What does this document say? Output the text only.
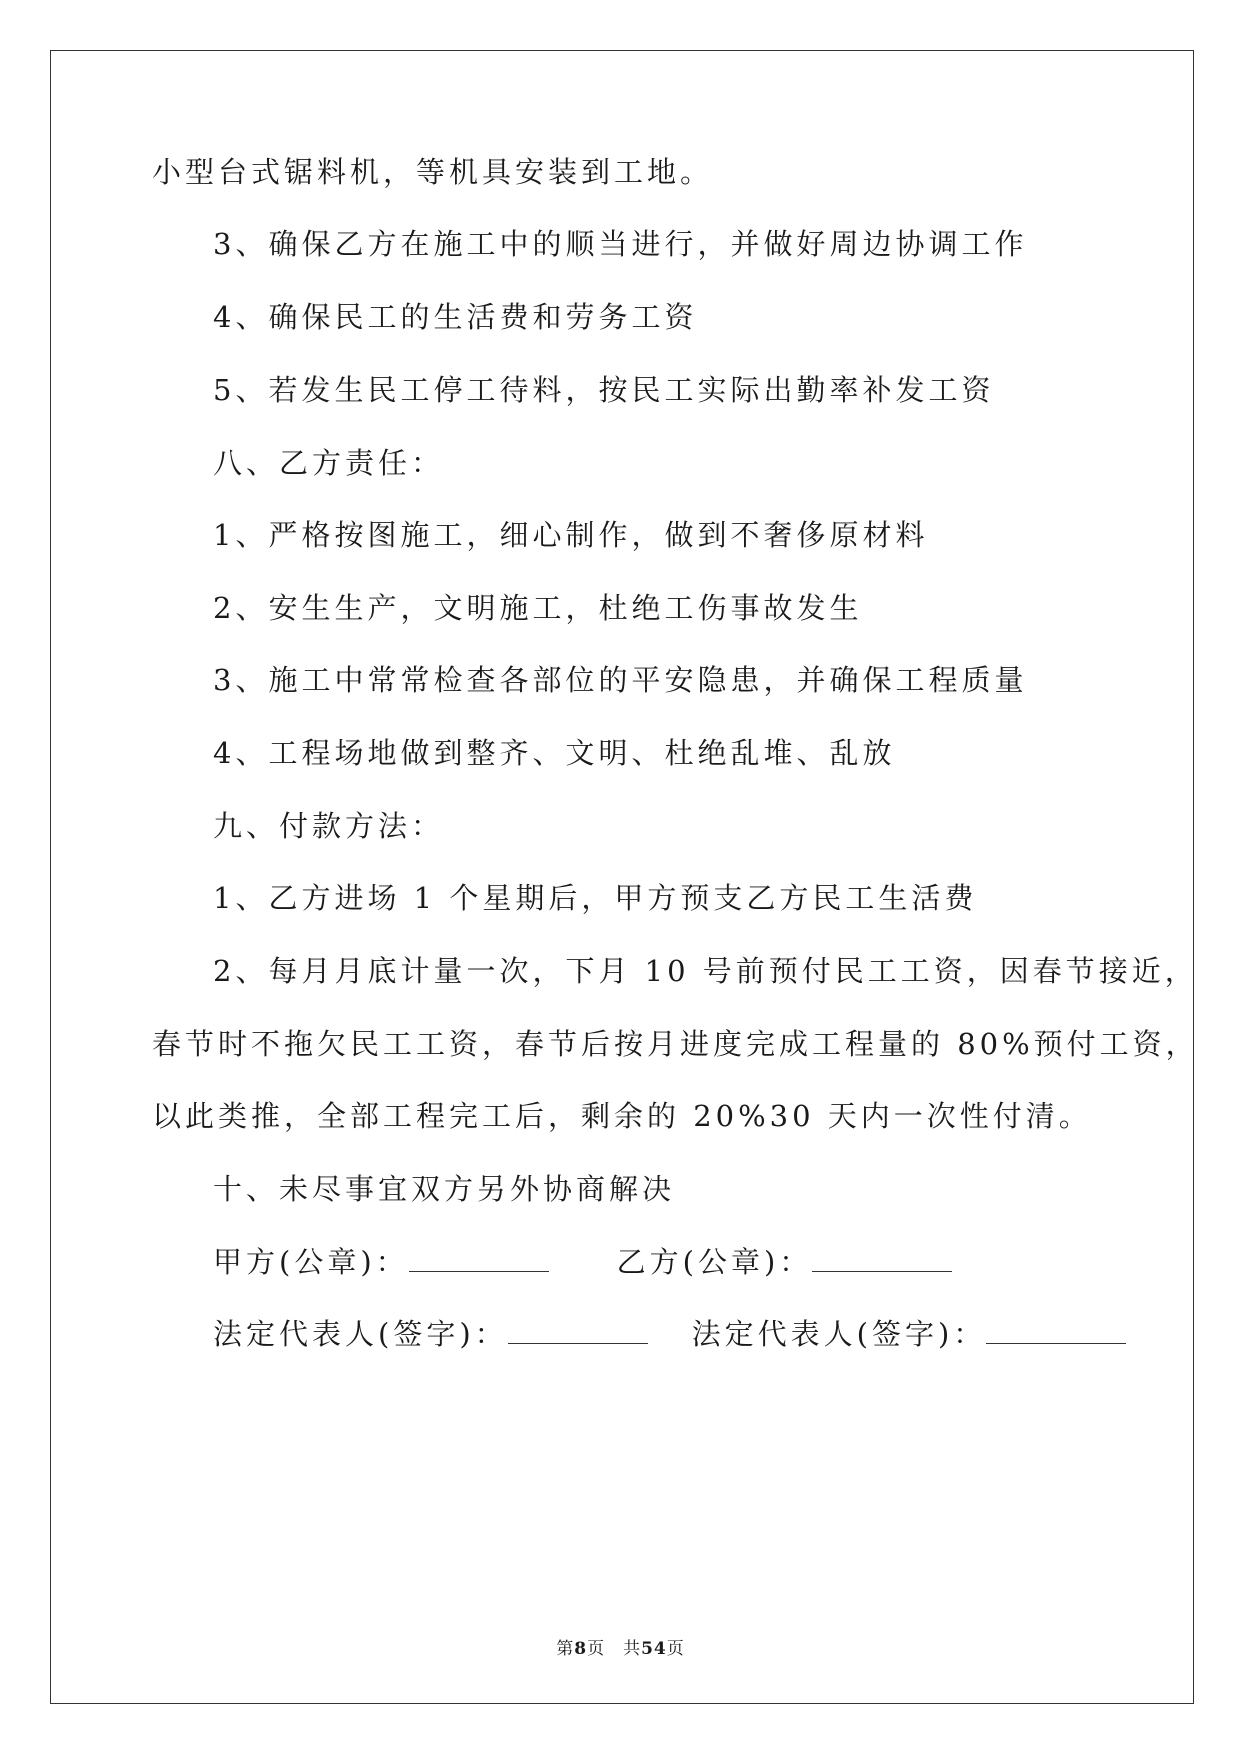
小型台式锯料机，等机具安装到工地。
3、确保乙方在施工中的顺当进行，并做好周边协调工作
4、确保民工的生活费和劳务工资
5、若发生民工停工待料，按民工实际出勤率补发工资
八、乙方责任：
1、严格按图施工，细心制作，做到不奢侈原材料
2、安生生产，文明施工，杜绝工伤事故发生
3、施工中常常检查各部位的平安隐患，并确保工程质量
4、工程场地做到整齐、文明、杜绝乱堆、乱放
九、付款方法：
1、乙方进场 1 个星期后，甲方预支乙方民工生活费
2、每月月底计量一次，下月 10 号前预付民工工资，因春节接近，
春节时不拖欠民工工资，春节后按月进度完成工程量的 80%预付工资，
以此类推，全部工程完工后，剩余的 20%30 天内一次性付清。
十、未尽事宜双方另外协商解决
甲方(公章)：	乙方(公章)：
法定代表人(签字)：	法定代表人(签字)：
第8页 共54页
